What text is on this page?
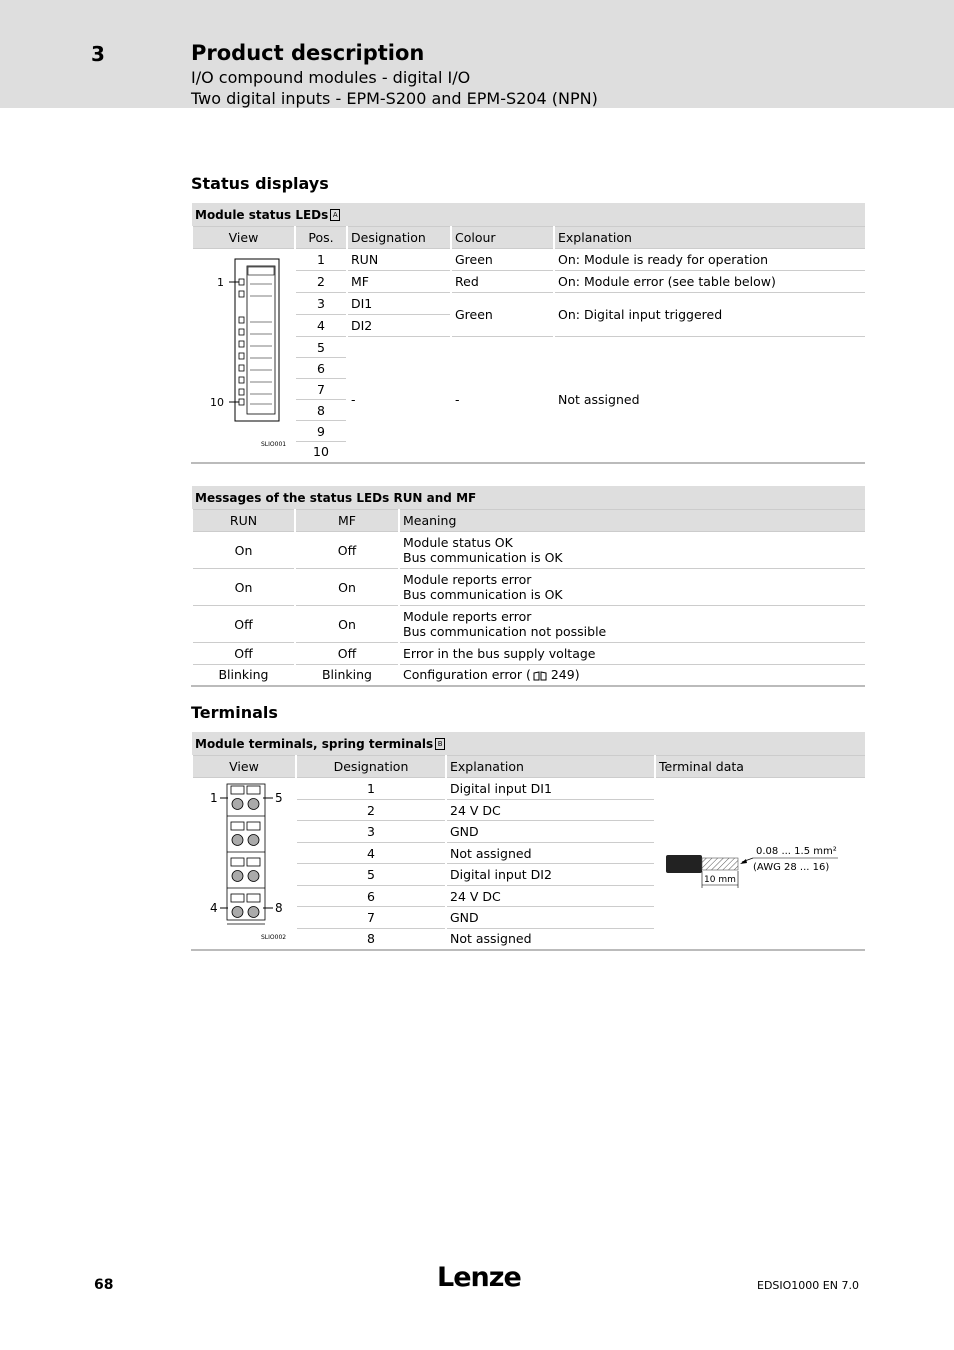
3	Product description
I/O compound modules - digital I/O
Two digital inputs - EPM-S200 and EPM-S204 (NPN)
Status displays
Module status LEDs A				
View	Pos.	Designation	Colour	Explanation

1
10
SLIO001	1	RUN	Green	On: Module is ready for operation
	2	MF	Red	On: Module error (see table below)
	3	DI1	Green	On: Digital input triggered
	4	DI2		
	5	-	-	Not assigned
	6			
	7			
	8			
	9			
	10			
Messages of the status LEDs RUN and MF		
RUN	MF	Meaning
On	Off	Module status OK
Bus communication is OK

On	On	Module reports error
Bus communication is OK

Off	On	Module reports error
Bus communication not possible

Off	Off	Error in the bus supply voltage
Blinking	Blinking	Configuration error ( 249)
Terminals
Module terminals, spring terminals B			
View	Designation	Explanation	Terminal data

1 5
4 8
SLIO002	1	Digital input DI1	10 mm
0.08 ... 1.5 mm²
(AWG 28 ... 16)

	2	24 V DC	
	3	GND	
	4	Not assigned	
	5	Digital input DI2	
	6	24 V DC	
	7	GND	
	8	Not assigned	
68	Lenze	EDSIO1000 EN 7.0
